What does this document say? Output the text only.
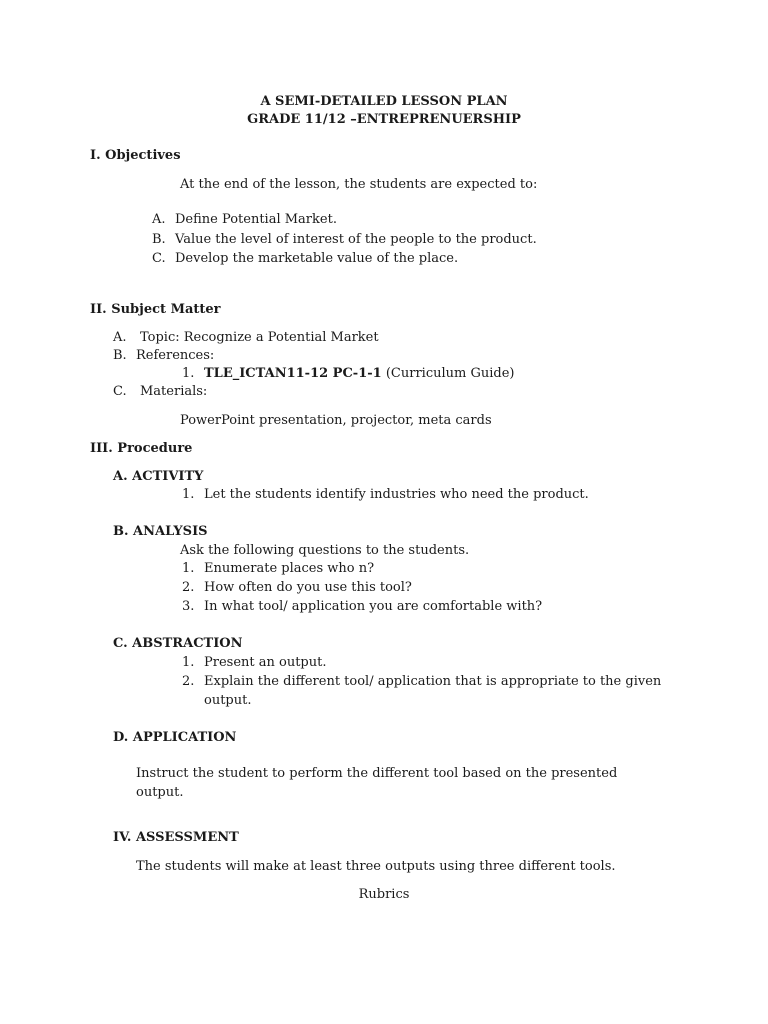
A SEMI-DETAILED LESSON PLAN
GRADE 11/12 –ENTREPRENUERSHIP
I. Objectives
At the end of the lesson, the students are expected to:
A. Define Potential Market.
B. Value the level of interest of the people to the product.
C. Develop the marketable value of the place.
II. Subject Matter
A. Topic: Recognize a Potential Market
B. References:
1. TLE_ICTAN11-12 PC-1-1 (Curriculum Guide)
C. Materials:
PowerPoint presentation, projector, meta cards
III. Procedure
A. ACTIVITY
1. Let the students identify industries who need the product.
B. ANALYSIS
Ask the following questions to the students.
1. Enumerate places who n?
2. How often do you use this tool?
3. In what tool/ application you are comfortable with?
C. ABSTRACTION
1. Present an output.
2. Explain the different tool/ application that is appropriate to the given
output.
D. APPLICATION
Instruct the student to perform the different tool based on the presented
output.
IV. ASSESSMENT
The students will make at least three outputs using three different tools.
Rubrics
